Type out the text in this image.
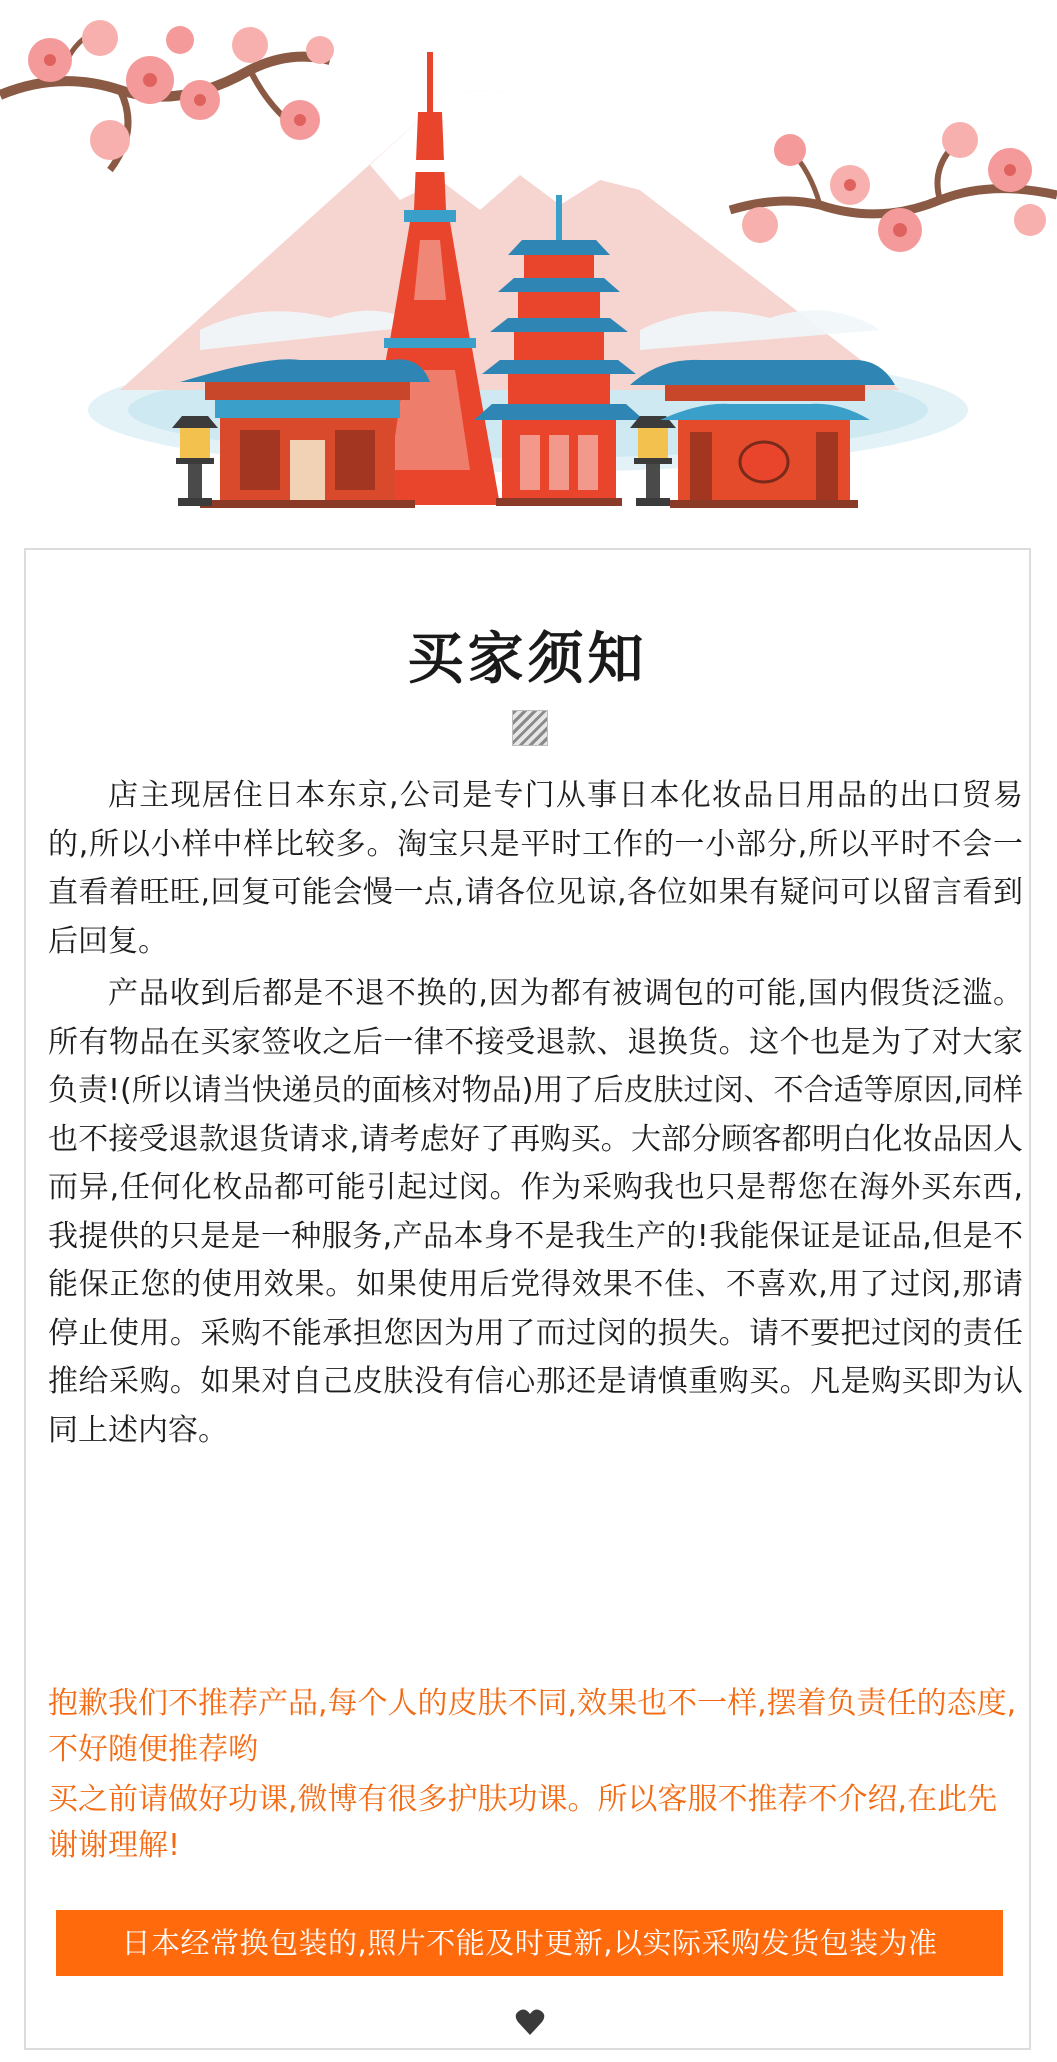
买家须知

店主现居住日本东京,公司是专门从事日本化妆品日用品的出口贸易的,所以小样中样比较多。淘宝只是平时工作的一小部分,所以平时不会一直看着旺旺,回复可能会慢一点,请各位见谅,各位如果有疑问可以留言看到后回复。

产品收到后都是不退不换的,因为都有被调包的可能,国内假货泛滥。所有物品在买家签收之后一律不接受退款、退换货。这个也是为了对大家负责!(所以请当快递员的面核对物品)用了后皮肤过闵、不合适等原因,同样也不接受退款退货请求,请考虑好了再购买。大部分顾客都明白化妆品因人而异,任何化枚品都可能引起过闵。作为采购我也只是帮您在海外买东西,我提供的只是是一种服务,产品本身不是我生产的!我能保证是证品,但是不能保正您的使用效果。如果使用后党得效果不佳、不喜欢,用了过闵,那请停止使用。采购不能承担您因为用了而过闵的损失。请不要把过闵的责任推给采购。如果对自己皮肤没有信心那还是请慎重购买。凡是购买即为认同上述内容。

抱歉我们不推荐产品,每个人的皮肤不同,效果也不一样,摆着负责任的态度,不好随便推荐哟

买之前请做好功课,微博有很多护肤功课。所以客服不推荐不介绍,在此先谢谢理解!

日本经常换包装的,照片不能及时更新,以实际采购发货包装为准
